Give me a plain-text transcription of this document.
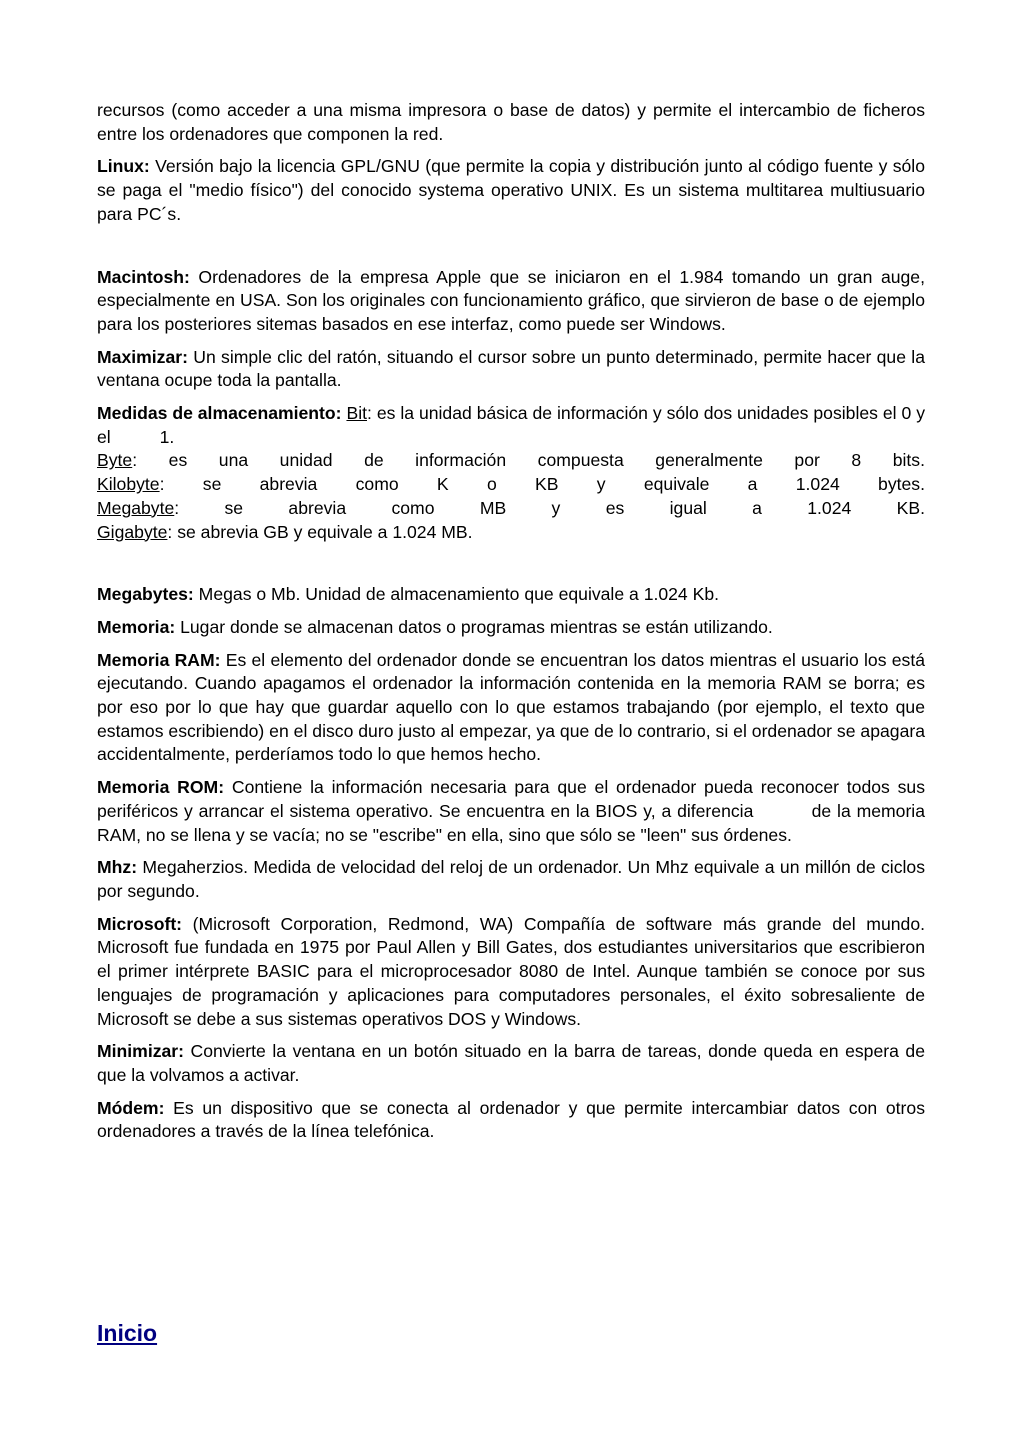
recursos (como acceder a una misma impresora o base de datos) y permite el intercambio de ficheros entre los ordenadores que componen la red.

Linux: Versión bajo la licencia GPL/GNU (que permite la copia y distribución junto al código fuente y sólo se paga el "medio físico") del conocido systema operativo UNIX. Es un sistema multitarea multiusuario para PC´s.

Macintosh: Ordenadores de la empresa Apple que se iniciaron en el 1.984 tomando un gran auge, especialmente en USA. Son los originales con funcionamiento gráfico, que sirvieron de base o de ejemplo para los posteriores sitemas basados en ese interfaz, como puede ser Windows.

Maximizar: Un simple clic del ratón, situando el cursor sobre un punto determinado, permite hacer que la ventana ocupe toda la pantalla.

Medidas de almacenamiento: Bit: es la unidad básica de información y sólo dos unidades posibles el 0 y el          1.
Byte: es una unidad de información compuesta generalmente por 8 bits.
Kilobyte: se abrevia como K o KB y equivale a 1.024 bytes.
Megabyte: se abrevia como MB y es igual a 1.024 KB.
Gigabyte: se abrevia GB y equivale a 1.024 MB.

Megabytes: Megas o Mb. Unidad de almacenamiento que equivale a 1.024 Kb.

Memoria: Lugar donde se almacenan datos o programas mientras se están utilizando.

Memoria RAM: Es el elemento del ordenador donde se encuentran los datos mientras el usuario los está ejecutando. Cuando apagamos el ordenador la información contenida en la memoria RAM se borra; es por eso por lo que hay que guardar aquello con lo que estamos trabajando (por ejemplo, el texto que estamos escribiendo) en el disco duro justo al empezar, ya que de lo contrario, si el ordenador se apagara accidentalmente, perderíamos todo lo que hemos hecho.

Memoria ROM: Contiene la información necesaria para que el ordenador pueda reconocer todos sus periféricos y arrancar el sistema operativo. Se encuentra en la BIOS y, a diferencia          de la memoria RAM, no se llena y se vacía; no se "escribe" en ella, sino que sólo se "leen" sus órdenes.

Mhz: Megaherzios. Medida de velocidad del reloj de un ordenador. Un Mhz equivale a un millón de ciclos por segundo.

Microsoft: (Microsoft Corporation, Redmond, WA) Compañía de software más grande del mundo. Microsoft fue fundada en 1975 por Paul Allen y Bill Gates, dos estudiantes universitarios que escribieron el primer intérprete BASIC para el microprocesador 8080 de Intel. Aunque también se conoce por sus lenguajes de programación y aplicaciones para computadores personales, el éxito sobresaliente de Microsoft se debe a sus sistemas operativos DOS y Windows.

Minimizar: Convierte la ventana en un botón situado en la barra de tareas, donde queda en espera de que la volvamos a activar.

Módem: Es un dispositivo que se conecta al ordenador y que permite intercambiar datos con otros ordenadores a través de la línea telefónica.

Inicio
